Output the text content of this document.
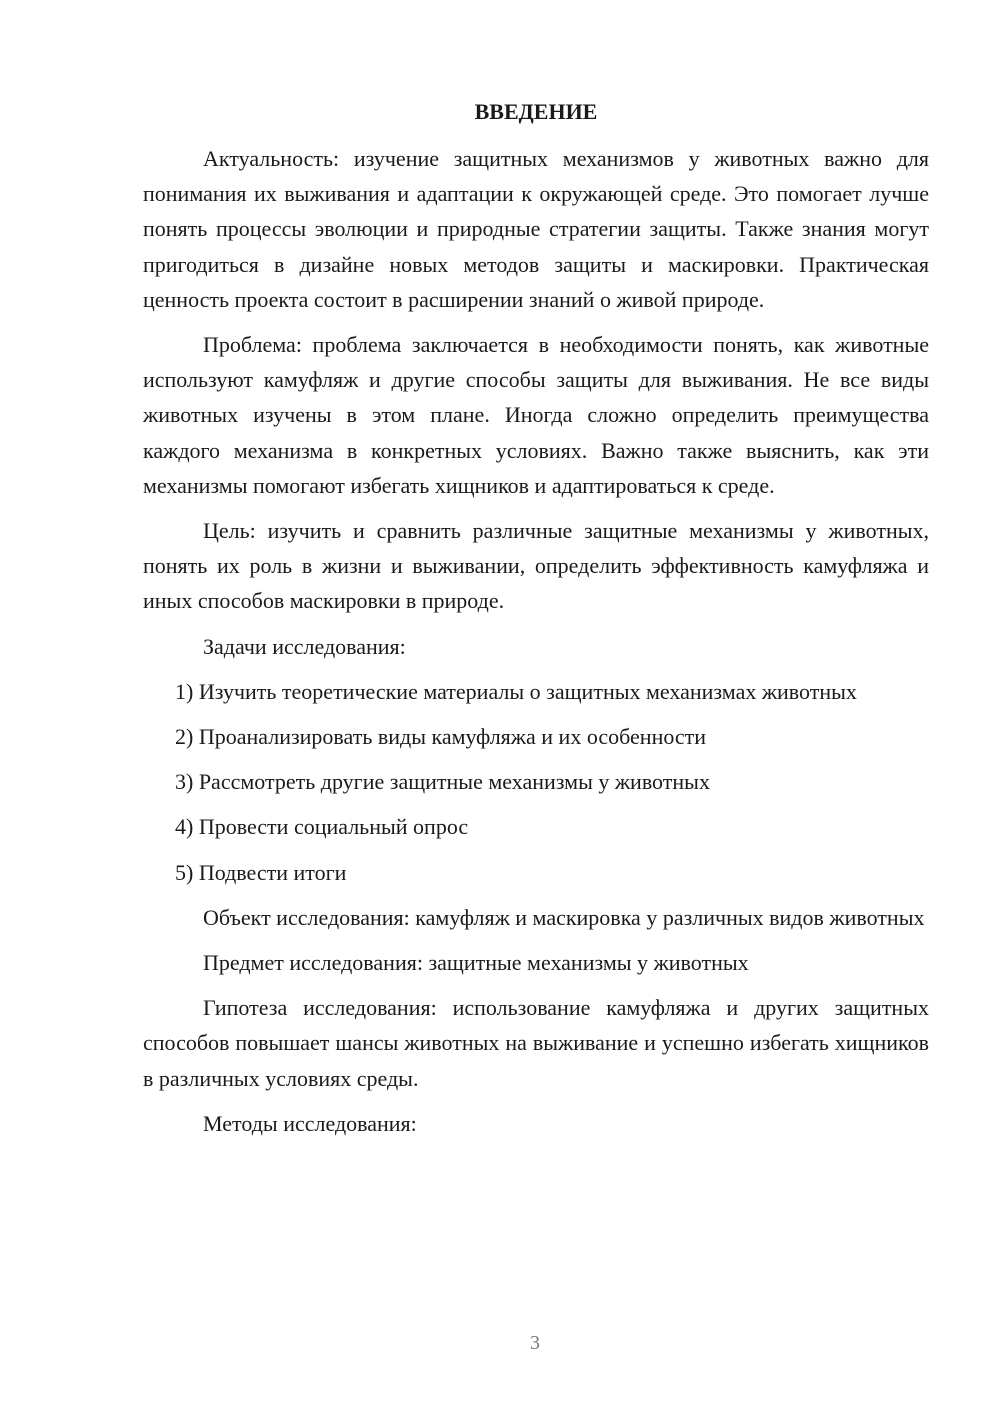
ВВЕДЕНИЕ

Актуальность: изучение защитных механизмов у животных важно для понимания их выживания и адаптации к окружающей среде. Это помогает лучше понять процессы эволюции и природные стратегии защиты. Также знания могут пригодиться в дизайне новых методов защиты и маскировки. Практическая ценность проекта состоит в расширении знаний о живой природе.

Проблема: проблема заключается в необходимости понять, как животные используют камуфляж и другие способы защиты для выживания. Не все виды животных изучены в этом плане. Иногда сложно определить преимущества каждого механизма в конкретных условиях. Важно также выяснить, как эти механизмы помогают избегать хищников и адаптироваться к среде.

Цель: изучить и сравнить различные защитные механизмы у животных, понять их роль в жизни и выживании, определить эффективность камуфляжа и иных способов маскировки в природе.

Задачи исследования:

1) Изучить теоретические материалы о защитных механизмах животных

2) Проанализировать виды камуфляжа и их особенности

3) Рассмотреть другие защитные механизмы у животных

4) Провести социальный опрос

5) Подвести итоги

Объект исследования: камуфляж и маскировка у различных видов животных

Предмет исследования: защитные механизмы у животных

Гипотеза исследования: использование камуфляжа и других защитных способов повышает шансы животных на выживание и успешно избегать хищников в различных условиях среды.

Методы исследования:

3
